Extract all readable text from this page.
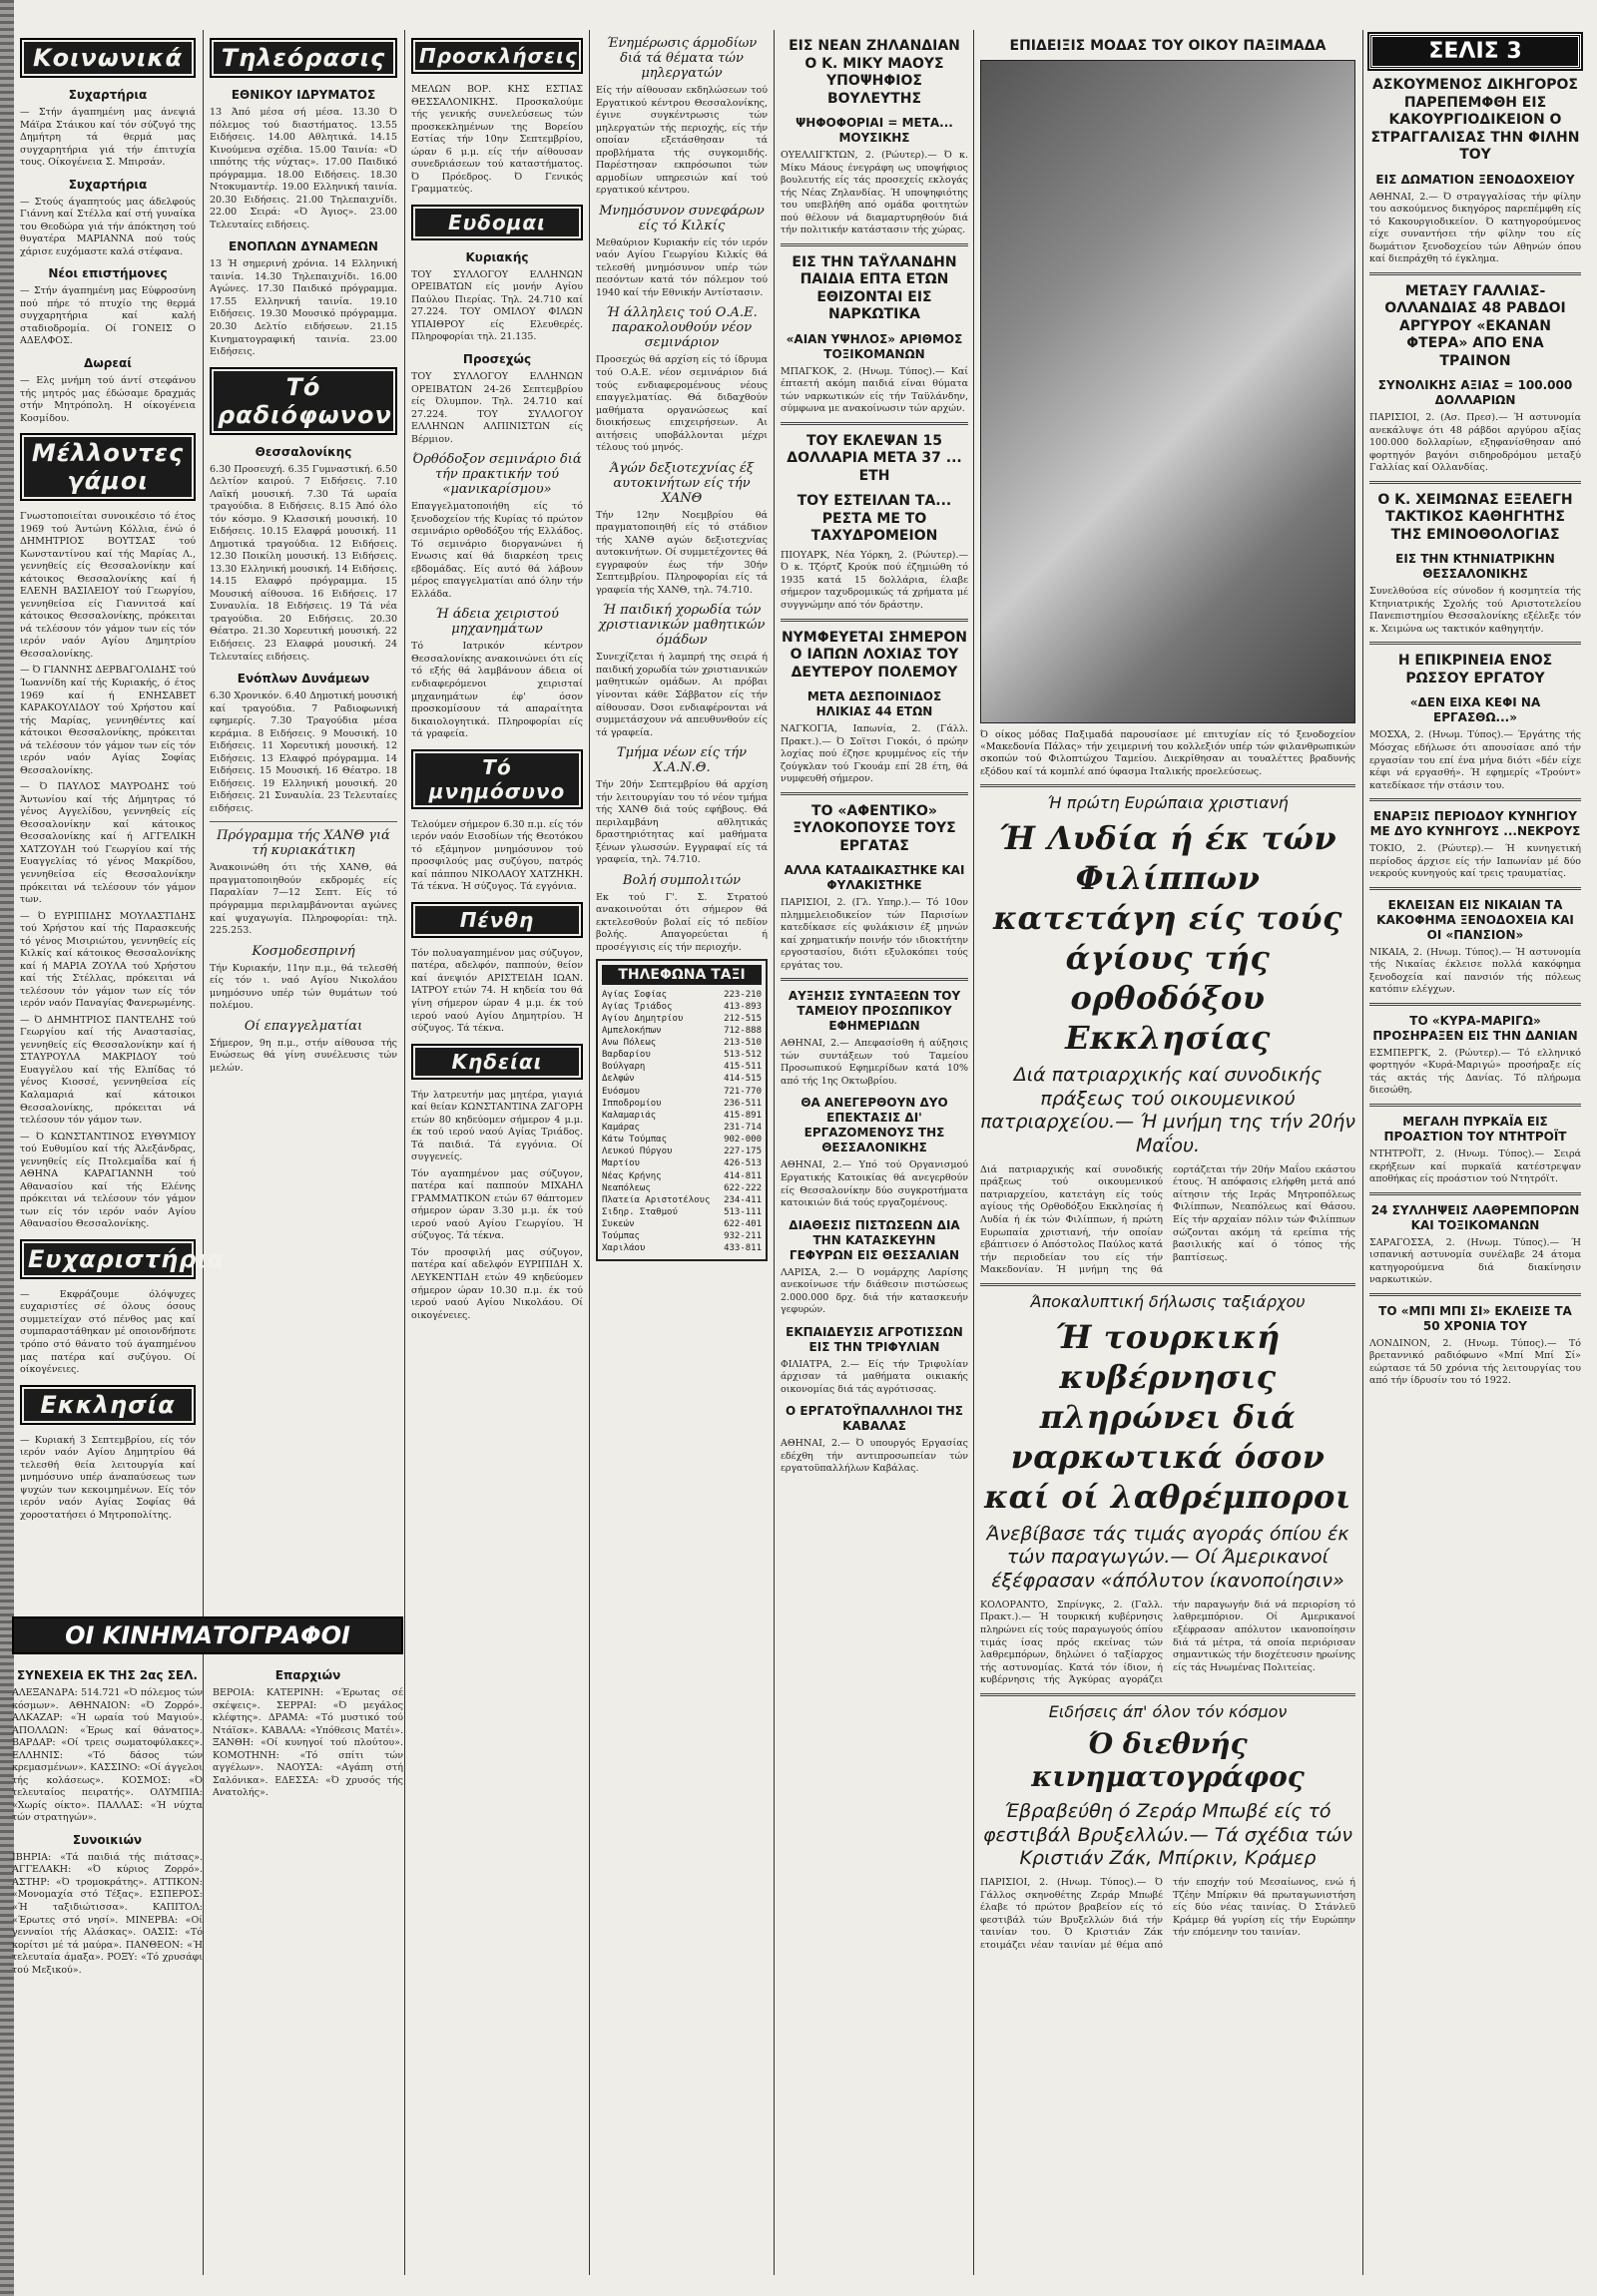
Κοινωνικά
Συχαρτήρια
— Στήν άγαπημένη μας άνεψιά Μάϊρα Στάικου καί τόν σύζυγό της Δημήτρη τά θερμά μας συγχαρητήρια γιά τήν έπιτυχία τους. Οίκογένεια Σ. Μπιρσάν.
Συχαρτήρια
— Στούς άγαπητούς μας άδελφούς Γιάννη καί Στέλλα καί στή γυναίκα του Θεοδώρα γιά τήν άπόκτηση τού θυγατέρα ΜΑΡΙΑΝΝΑ πού τούς χάρισε ευχόμαστε καλά στέφανα.
Νέοι επιστήμονες
— Στήν άγαπημένη μας Εύφροσύνη πού πήρε τό πτυχίο της θερμά συγχαρητήρια καί καλή σταδιοδρομία. Οί ΓΟΝΕΙΣ Ο ΑΔΕΛΦΟΣ.
Δωρεαί
— Ελς μνήμη τού άντί στεφάνου τής μητρός μας έδώσαμε δραχμάς στήν Μητρόπολη. Η οίκογένεια Κοσμίδου.
Μέλλοντες γάμοι
Γνωστοποιείται συνοικέσιο τό έτος 1969 τού Άντώνη Κόλλια, ένώ ό ΔΗΜΗΤΡΙΟΣ ΒΟΥΤΣΑΣ τού Κωνσταντίνου καί τής Μαρίας Λ., γεννηθείς είς Θεσσαλονίκην καί κάτοικος Θεσσαλονίκης καί ή ΕΛΕΝΗ ΒΑΣΙΛΕΙΟΥ τού Γεωργίου, γεννηθείσα είς Γιαννιτσά καί κάτοικος Θεσσαλονίκης, πρόκειται νά τελέσουν τόν γάμον των είς τόν ιερόν ναόν Αγίου Δημητρίου Θεσσαλονίκης.
— Ό ΓΙΑΝΝΗΣ ΔΕΡΒΑΓΟΛΙΔΗΣ τού Ίωαννίδη καί τής Κυριακής, ό έτος 1969 καί ή ΕΝΗΣΑΒΕΤ ΚΑΡΑΚΟΥΛΙΔΟΥ τού Χρήστου καί τής Μαρίας, γεννηθέντες καί κάτοικοι Θεσσαλονίκης, πρόκειται νά τελέσουν τόν γάμον των είς τόν ιερόν ναόν Αγίας Σοφίας Θεσσαλονίκης.
— Ό ΠΑΥΛΟΣ ΜΑΥΡΟΔΗΣ τού Άντωνίου καί τής Δήμητρας τό γένος Αγγελίδου, γεννηθείς είς Θεσσαλονίκην καί κάτοικος Θεσσαλονίκης καί ή ΑΓΓΕΛΙΚΗ ΧΑΤΖΟΥΔΗ τού Γεωργίου καί τής Ευαγγελίας τό γένος Μακρίδου, γεννηθείσα είς Θεσσαλονίκην πρόκειται νά τελέσουν τόν γάμον των.
— Ό ΕΥΡΙΠΙΔΗΣ ΜΟΥΛΑΣΤΙΔΗΣ τού Χρήστου καί τής Παρασκευής τό γένος Μισιριώτου, γεννηθείς είς Κιλκίς καί κάτοικος Θεσσαλονίκης καί ή ΜΑΡΙΑ ΖΟΥΛΑ τού Χρήστου καί τής Στέλλας, πρόκειται νά τελέσουν τόν γάμον των είς τόν ιερόν ναόν Παναγίας Φανερωμένης.
— Ό ΔΗΜΗΤΡΙΟΣ ΠΑΝΤΕΛΗΣ τού Γεωργίου καί τής Αναστασίας, γεννηθείς είς Θεσσαλονίκην καί ή ΣΤΑΥΡΟΥΛΑ ΜΑΚΡΙΔΟΥ τού Ευαγγέλου καί τής Ελπίδας τό γένος Κιοσσέ, γεννηθείσα είς Καλαμαριά καί κάτοικοι Θεσσαλονίκης, πρόκειται νά τελέσουν τόν γάμον των.
— Ό ΚΩΝΣΤΑΝΤΙΝΟΣ ΕΥΘΥΜΙΟΥ τού Ευθυμίου καί τής Άλεξάνδρας, γεννηθείς είς Πτολεμαΐδα καί ή ΑΘΗΝΑ ΚΑΡΑΓΙΑΝΝΗ τού Αθανασίου καί τής Ελένης πρόκειται νά τελέσουν τόν γάμον των είς τόν ιερόν ναόν Αγίου Αθανασίου Θεσσαλονίκης.
Ευχαριστήρια
— Εκφράζουμε όλόψυχες ευχαριστίες σέ όλους όσους συμμετείχαν στό πένθος μας καί συμπαραστάθηκαν μέ οποιονδήποτε τρόπο στό θάνατο τού άγαπημένου μας πατέρα καί συζύγου. Οί οίκογένειες.
Εκκλησία
— Κυριακή 3 Σεπτεμβρίου, είς τόν ιερόν ναόν Αγίου Δημητρίου θά τελεσθή θεία λειτουργία καί μνημόσυνο υπέρ άναπαύσεως των ψυχών των κεκοιμημένων. Είς τόν ιερόν ναόν Αγίας Σοφίας θά χοροστατήσει ό Μητροπολίτης.
Τηλεόρασις
ΕΘΝΙΚΟΥ ΙΔΡΥΜΑΤΟΣ
13 Άπό μέσα σή μέσα. 13.30 Ό πόλεμος τού διαστήματος. 13.55 Ειδήσεις. 14.00 Αθλητικά. 14.15 Κινούμενα σχέδια. 15.00 Ταινία: «Ό ιππότης τής νύχτας». 17.00 Παιδικό πρόγραμμα. 18.00 Ειδήσεις. 18.30 Ντοκυμαντέρ. 19.00 Ελληνική ταινία. 20.30 Ειδήσεις. 21.00 Τηλεπαιχνίδι. 22.00 Σειρά: «Ό Άγιος». 23.00 Τελευταίες ειδήσεις.
ΕΝΟΠΛΩΝ ΔΥΝΑΜΕΩΝ
13 Ή σημερινή χρόνια. 14 Ελληνική ταινία. 14.30 Τηλεπαιχνίδι. 16.00 Αγώνες. 17.30 Παιδικό πρόγραμμα. 17.55 Ελληνική ταινία. 19.10 Ειδήσεις. 19.30 Μουσικό πρόγραμμα. 20.30 Δελτίο ειδήσεων. 21.15 Κινηματογραφική ταινία. 23.00 Ειδήσεις.
Τό ραδιόφωνον
Θεσσαλονίκης
6.30 Προσευχή. 6.35 Γυμναστική. 6.50 Δελτίον καιρού. 7 Ειδήσεις. 7.10 Λαϊκή μουσική. 7.30 Τά ωραία τραγούδια. 8 Ειδήσεις. 8.15 Άπό όλο τόν κόσμο. 9 Κλασσική μουσική. 10 Ειδήσεις. 10.15 Ελαφρά μουσική. 11 Δημοτικά τραγούδια. 12 Ειδήσεις. 12.30 Ποικίλη μουσική. 13 Ειδήσεις. 13.30 Ελληνική μουσική. 14 Ειδήσεις. 14.15 Ελαφρό πρόγραμμα. 15 Μουσική αίθουσα. 16 Ειδήσεις. 17 Συναυλία. 18 Ειδήσεις. 19 Τά νέα τραγούδια. 20 Ειδήσεις. 20.30 Θέατρο. 21.30 Χορευτική μουσική. 22 Ειδήσεις. 23 Ελαφρά μουσική. 24 Τελευταίες ειδήσεις.
Ενόπλων Δυνάμεων
6.30 Χρονικόν. 6.40 Δημοτική μουσική καί τραγούδια. 7 Ραδιοφωνική εφημερίς. 7.30 Τραγούδια μέσα κεράμια. 8 Ειδήσεις. 9 Μουσική. 10 Ειδήσεις. 11 Χορευτική μουσική. 12 Ειδήσεις. 13 Ελαφρό πρόγραμμα. 14 Ειδήσεις. 15 Μουσική. 16 Θέατρο. 18 Ειδήσεις. 19 Ελληνική μουσική. 20 Ειδήσεις. 21 Συναυλία. 23 Τελευταίες ειδήσεις.
Πρόγραμμα τής ΧΑΝΘ γιά τή κυριακάτικη
Άνακοινώθη ότι τής ΧΑΝΘ, θά πραγματοποιηθούν εκδρομές είς Παραλίαν 7—12 Σεπτ. Είς τό πρόγραμμα περιλαμβάνονται αγώνες καί ψυχαγωγία. Πληροφορίαι: τηλ. 225.253.
Κοσμοδεσπρινή
Τήν Κυριακήν, 11ην π.μ., θά τελεσθή είς τόν ι. ναό Αγίου Νικολάου μνημόσυνο υπέρ τών θυμάτων τού πολέμου.
Οί επαγγελματίαι
Σήμερον, 9η π.μ., στήν αίθουσα τής Ενώσεως θά γίνη συνέλευσις τών μελών.
Προσκλήσεις
ΜΕΛΩΝ ΒΟΡ. ΚΗΣ ΕΣΤΙΑΣ ΘΕΣΣΑΛΟΝΙΚΗΣ. Προσκαλούμε τής γενικής συνελεύσεως τών προσκεκλημένων της Βορείου Εστίας τήν 10ην Σεπτεμβρίου, ώραν 6 μ.μ. είς τήν αίθουσαν συνεδριάσεων τού καταστήματος. Ό Πρόεδρος. Ό Γενικός Γραμματεύς.
Ευδομαι
Κυριακής
ΤΟΥ ΣΥΛΛΟΓΟΥ ΕΛΛΗΝΩΝ ΟΡΕΙΒΑΤΩΝ είς μονήν Αγίου Παύλου Πιερίας. Τηλ. 24.710 καί 27.224. ΤΟΥ ΟΜΙΛΟΥ ΦΙΛΩΝ ΥΠΑΙΘΡΟΥ είς Ελευθερές. Πληροφορίαι τηλ. 21.135.
Προσεχώς
ΤΟΥ ΣΥΛΛΟΓΟΥ ΕΛΛΗΝΩΝ ΟΡΕΙΒΑΤΩΝ 24-26 Σεπτεμβρίου είς Όλυμπον. Τηλ. 24.710 καί 27.224. ΤΟΥ ΣΥΛΛΟΓΟΥ ΕΛΛΗΝΩΝ ΑΛΠΙΝΙΣΤΩΝ είς Βέρμιον.
Όρθόδοξον σεμινάριο διά τήν πρακτικήν τού «μανικαρίσμου»
Επαγγελματοποιήθη είς τό ξενοδοχείον τής Κυρίας τό πρώτον σεμινάριο ορθοδόξου τής Ελλάδος. Τό σεμινάριο διοργανώνει ή Ενωσις καί θά διαρκέση τρεις εβδομάδας. Είς αυτό θά λάβουν μέρος επαγγελματίαι από όλην τήν Ελλάδα.
Ή άδεια χειριστού μηχανημάτων
Τό Ιατρικόν κέντρον Θεσσαλονίκης ανακοινώνει ότι είς τό εξής θά λαμβάνουν άδεια οί ενδιαφερόμενοι χειρισταί μηχανημάτων έφ' όσον προσκομίσουν τά απαραίτητα δικαιολογητικά. Πληροφορίαι είς τά γραφεία.
Τό μνημόσυνο
Τελούμεν σήμερον 6.30 π.μ. είς τόν ιερόν ναόν Εισοδίων τής Θεοτόκου τό εξάμηνον μνημόσυνον τού προσφιλούς μας συζύγου, πατρός καί πάππου ΝΙΚΟΛΑΟΥ ΧΑΤΖΗΚΗ. Τά τέκνα. Ή σύζυγος. Τά εγγόνια.
Πένθη
Τόν πολυαγαπημένον μας σύζυγον, πατέρα, αδελφόν, παππούν, θείον καί άνεψιόν ΑΡΙΣΤΕΙΔΗ ΙΩΑΝ. ΙΑΤΡΟΥ ετών 74. Η κηδεία του θά γίνη σήμερον ώραν 4 μ.μ. έκ τού ιερού ναού Αγίου Δημητρίου. Ή σύζυγος. Τά τέκνα.
Κηδείαι
Τήν λατρευτήν μας μητέρα, γιαγιά καί θείαν ΚΩΝΣΤΑΝΤΙΝΑ ΖΑΓΟΡΗ ετών 80 κηδεύομεν σήμερον 4 μ.μ. έκ τού ιερού ναού Αγίας Τριάδος. Τά παιδιά. Τά εγγόνια. Οί συγγενείς.
Τόν αγαπημένον μας σύζυγον, πατέρα καί παππούν ΜΙΧΑΗΛ ΓΡΑΜΜΑΤΙΚΟΝ ετών 67 θάπτομεν σήμερον ώραν 3.30 μ.μ. έκ τού ιερού ναού Αγίου Γεωργίου. Ή σύζυγος. Τά τέκνα.
Τόν προσφιλή μας σύζυγον, πατέρα καί αδελφόν ΕΥΡΙΠΙΔΗ Χ. ΛΕΥΚΕΝΤΙΔΗ ετών 49 κηδεύομεν σήμερον ώραν 10.30 π.μ. έκ τού ιερού ναού Αγίου Νικολάου. Οί οικογένειες.
Ένημέρωσις άρμοδίων διά τά θέματα τών μηλεργατών
Είς τήν αίθουσαν εκδηλώσεων τού Εργατικού κέντρου Θεσσαλονίκης, έγινε συγκέντρωσις τών μηλεργατών τής περιοχής, είς τήν οποίαν εξετάσθησαν τά προβλήματα τής συγκομιδής. Παρέστησαν εκπρόσωποι τών αρμοδίων υπηρεσιών καί τού εργατικού κέντρου.
Μνημόσυνον συνεφάρων είς τό Κιλκίς
Μεθαύριον Κυριακήν είς τόν ιερόν ναόν Αγίου Γεωργίου Κιλκίς θά τελεσθή μνημόσυνον υπέρ τών πεσόντων κατά τόν πόλεμον τού 1940 καί τήν Εθνικήν Αντίστασιν.
Ή άλληλεις τού Ο.Α.Ε. παρακολουθούν νέον σεμινάριον
Προσεχώς θά αρχίση είς τό ίδρυμα τού Ο.Α.Ε. νέον σεμινάριον διά τούς ενδιαφερομένους νέους επαγγελματίας. Θά διδαχθούν μαθήματα οργανώσεως καί διοικήσεως επιχειρήσεων. Αι αιτήσεις υποβάλλονται μέχρι τέλους τού μηνός.
Άγών δεξιοτεχνίας έξ αυτοκινήτων είς τήν ΧΑΝΘ
Τήν 12ην Νοεμβρίου θά πραγματοποιηθή είς τό στάδιον τής ΧΑΝΘ αγών δεξιοτεχνίας αυτοκινήτων. Οί συμμετέχοντες θά εγγραφούν έως τήν 30ήν Σεπτεμβρίου. Πληροφορίαι είς τά γραφεία τής ΧΑΝΘ, τηλ. 74.710.
Ή παιδική χορωδία τών χριστιανικών μαθητικών όμάδων
Συνεχίζεται ή λαμπρή της σειρά ή παιδική χορωδία τών χριστιανικών μαθητικών ομάδων. Αι πρόβαι γίνονται κάθε Σάββατον είς τήν αίθουσαν. Όσοι ενδιαφέρονται νά συμμετάσχουν νά απευθυνθούν είς τά γραφεία.
Τμήμα νέων είς τήν Χ.Α.Ν.Θ.
Τήν 20ήν Σεπτεμβρίου θά αρχίση τήν λειτουργίαν του τό νέον τμήμα τής ΧΑΝΘ διά τούς εφήβους. Θά περιλαμβάνη αθλητικάς δραστηριότητας καί μαθήματα ξένων γλωσσών. Εγγραφαί είς τά γραφεία, τηλ. 74.710.
Βολή συμπολιτών
Εκ τού Γ'. Σ. Στρατού ανακοινούται ότι σήμερον θά εκτελεσθούν βολαί είς τό πεδίον βολής. Απαγορεύεται ή προσέγγισις είς τήν περιοχήν.
ΤΗΛΕΦΩΝΑ ΤΑΞΙ
Αγίας Σοφίας	223-210
Αγίας Τριάδος	413-893
Αγίου Δημητρίου	212-515
Αμπελοκήπων	712-888
Ανω Πόλεως	213-510
Βαρδαρίου	513-512
Βούλγαρη	415-511
Δελφών	414-515
Ευόσμου	721-770
Ιπποδρομίου	236-511
Καλαμαριάς	415-891
Καμάρας	231-714
Κάτω Τούμπας	902-000
Λευκού Πύργου	227-175
Μαρτίου	426-513
Νέας Κρήνης	414-811
Νεαπόλεως	622-222
Πλατεία Αριστοτέλους 234-411
Σιδηρ. Σταθμού	513-111
Συκεών	622-401
Τούμπας	932-211
Χαριλάου	433-811
ΕΙΣ ΝΕΑΝ ΖΗΛΑΝΔΙΑΝ Ο Κ. ΜΙΚΥ ΜΑΟΥΣ ΥΠΟΨΗΦΙΟΣ ΒΟΥΛΕΥΤΗΣ
ΨΗΦΟΦΟΡΙΑΙ = ΜΕΤΑ... ΜΟΥΣΙΚΗΣ
ΟΥΕΛΛΙΓΚΤΩΝ, 2. (Ρώυτερ).— Ό κ. Μίκυ Μάους ένεγράφη ως υποψήφιος βουλευτής είς τάς προσεχείς εκλογάς τής Νέας Ζηλανδίας. Ή υποψηφιότης του υπεβλήθη από ομάδα φοιτητών πού θέλουν νά διαμαρτυρηθούν διά τήν πολιτικήν κατάστασιν τής χώρας.
ΕΙΣ ΤΗΝ ΤΑΫΛΑΝΔΗΝ ΠΑΙΔΙΑ ΕΠΤΑ ΕΤΩΝ ΕΘΙΖΟΝΤΑΙ ΕΙΣ ΝΑΡΚΩΤΙΚΑ
«ΑΙΑΝ ΥΨΗΛΟΣ» ΑΡΙΘΜΟΣ ΤΟΞΙΚΟΜΑΝΩΝ
ΜΠΑΓΚΟΚ, 2. (Ηνωμ. Τύπος).— Καί έπταετή ακόμη παιδιά είναι θύματα τών ναρκωτικών είς τήν Ταϋλάνδην, σύμφωνα με ανακοίνωσιν τών αρχών.
ΤΟΥ ΕΚΛΕΨΑΝ 15 ΔΟΛΛΑΡΙΑ ΜΕΤΑ 37 ... ΕΤΗ
ΤΟΥ ΕΣΤΕΙΛΑΝ ΤΑ... ΡΕΣΤΑ ΜΕ ΤΟ ΤΑΧΥΔΡΟΜΕΙΟΝ
ΠΙΟΥΑΡΚ, Νέα Υόρκη, 2. (Ρώυτερ).— Ό κ. Τζόρτζ Κρούκ πού έζημιώθη τό 1935 κατά 15 δολλάρια, έλαβε σήμερον ταχυδρομικώς τά χρήματα μέ συγγνώμην από τόν δράστην.
ΝΥΜΦΕΥΕΤΑΙ ΣΗΜΕΡΟΝ Ο ΙΑΠΩΝ ΛΟΧΙΑΣ ΤΟΥ ΔΕΥΤΕΡΟΥ ΠΟΛΕΜΟΥ
ΜΕΤΑ ΔΕΣΠΟΙΝΙΔΟΣ ΗΛΙΚΙΑΣ 44 ΕΤΩΝ
ΝΑΓΚΟΓΙΑ, Ιαπωνία, 2. (Γάλλ. Πρακτ.).— Ό Σοϊτσι Γιοκόι, ό πρώην λοχίας πού έζησε κρυμμένος είς τήν ζούγκλαν τού Γκουάμ επί 28 έτη, θά νυμφευθή σήμερον.
ΤΟ «ΑΦΕΝΤΙΚΟ» ΞΥΛΟΚΟΠΟΥΣΕ ΤΟΥΣ ΕΡΓΑΤΑΣ
ΑΛΛΑ ΚΑΤΑΔΙΚΑΣΤΗΚΕ ΚΑΙ ΦΥΛΑΚΙΣΤΗΚΕ
ΠΑΡΙΣΙΟΙ, 2. (Γλ. Υπηρ.).— Τό 10ον πλημμελειοδικείον τών Παρισίων κατεδίκασε είς φυλάκισιν έξ μηνών καί χρηματικήν ποινήν τόν ιδιοκτήτην εργοστασίου, διότι εξυλοκόπει τούς εργάτας του.
ΑΥΞΗΣΙΣ ΣΥΝΤΑΞΕΩΝ ΤΟΥ ΤΑΜΕΙΟΥ ΠΡΟΣΩΠΙΚΟΥ ΕΦΗΜΕΡΙΔΩΝ
ΑΘΗΝΑΙ, 2.— Απεφασίσθη ή αύξησις τών συντάξεων τού Ταμείου Προσωπικού Εφημερίδων κατά 10% από τής 1ης Οκτωβρίου.
ΘΑ ΑΝΕΓΕΡΘΟΥΝ ΔΥΟ ΕΠΕΚΤΑΣΙΣ ΔΙ' ΕΡΓΑΖΟΜΕΝΟΥΣ ΤΗΣ ΘΕΣΣΑΛΟΝΙΚΗΣ
ΑΘΗΝΑΙ, 2.— Υπό τού Οργανισμού Εργατικής Κατοικίας θά ανεγερθούν είς Θεσσαλονίκην δύο συγκροτήματα κατοικιών διά τούς εργαζομένους.
ΔΙΑΘΕΣΙΣ ΠΙΣΤΩΣΕΩΝ ΔΙΑ ΤΗΝ ΚΑΤΑΣΚΕΥΗΝ ΓΕΦΥΡΩΝ ΕΙΣ ΘΕΣΣΑΛΙΑΝ
ΛΑΡΙΣΑ, 2.— Ό νομάρχης Λαρίσης ανεκοίνωσε τήν διάθεσιν πιστώσεως 2.000.000 δρχ. διά τήν κατασκευήν γεφυρών.
ΕΚΠΑΙΔΕΥΣΙΣ ΑΓΡΟΤΙΣΣΩΝ ΕΙΣ ΤΗΝ ΤΡΙΦΥΛΙΑΝ
ΦΙΛΙΑΤΡΑ, 2.— Είς τήν Τριφυλίαν άρχισαν τά μαθήματα οικιακής οικονομίας διά τάς αγρότισσας.
Ο ΕΡΓΑΤΟΫΠΑΛΛΗΛΟΙ ΤΗΣ ΚΑΒΑΛΑΣ
ΑΘΗΝΑΙ, 2.— Ό υπουργός Εργασίας εδέχθη τήν αντιπροσωπείαν τών εργατοϋπαλλήλων Καβάλας.
ΕΠΙΔΕΙΞΙΣ ΜΟΔΑΣ ΤΟΥ ΟΙΚΟΥ ΠΑΞΙΜΑΔΑ
Ό οίκος μόδας Παξιμαδά παρουσίασε μέ επιτυχίαν είς τό ξενοδοχείον «Μακεδονία Πάλας» τήν χειμερινή του κολλεξιόν υπέρ τών φιλανθρωπικών σκοπών τού Φιλοπτώχου Ταμείου. Διεκρίθησαν αι τουαλέττες βραδυνής εξόδου καί τά κομπλέ από ύφασμα Ιταλικής προελεύσεως.
Ή πρώτη Ευρώπαια χριστιανή
Ή Λυδία ή έκ τών Φιλίππων κατετάγη είς τούς άγίους τής ορθοδόξου Εκκλησίας
Διά πατριαρχικής καί συνοδικής πράξεως τού οικουμενικού πατριαρχείου.— Ή μνήμη της τήν 20ήν Μαΐου.
Διά πατριαρχικής καί συνοδικής πράξεως τού οικουμενικού πατριαρχείου, κατετάγη είς τούς αγίους τής Ορθοδόξου Εκκλησίας ή Λυδία ή έκ τών Φιλίππων, ή πρώτη Ευρωπαία χριστιανή, τήν οποίαν εβάπτισεν ό Απόστολος Παύλος κατά τήν περιοδείαν του είς τήν Μακεδονίαν. Ή μνήμη της θά εορτάζεται τήν 20ήν Μαΐου εκάστου έτους. Ή απόφασις ελήφθη μετά από αίτησιν τής Ιεράς Μητροπόλεως Φιλίππων, Νεαπόλεως καί Θάσου. Είς τήν αρχαίαν πόλιν τών Φιλίππων σώζονται ακόμη τά ερείπια τής βασιλικής καί ό τόπος τής βαπτίσεως.
Άποκαλυπτική δήλωσις ταξιάρχου
Ή τουρκική κυβέρνησις πληρώνει διά ναρκωτικά όσον καί οί λαθρέμποροι
Άνεβίβασε τάς τιμάς αγοράς όπίου έκ τών παραγωγών.— Οί Άμερικανοί έξέφρασαν «άπόλυτον ίκανοποίησιν»
ΚΟΛΟΡΑΝΤΟ, Σπρίνγκς, 2. (Γαλλ. Πρακτ.).— Ή τουρκική κυβέρνησις πληρώνει είς τούς παραγωγούς όπίου τιμάς ίσας πρός εκείνας τών λαθρεμπόρων, δηλώνει ό ταξίαρχος τής αστυνομίας. Κατά τόν ίδιον, ή κυβέρνησις τής Άγκύρας αγοράζει τήν παραγωγήν διά νά περιορίση τό λαθρεμπόριον. Οί Αμερικανοί εξέφρασαν απόλυτον ικανοποίησιν διά τά μέτρα, τά οποία περιόρισαν σημαντικώς τήν διοχέτευσιν ηρωίνης είς τάς Ηνωμένας Πολιτείας.
Ειδήσεις άπ' όλον τόν κόσμον
Ό διεθνής κινηματογράφος
Έβραβεύθη ό Ζεράρ Μπωβέ είς τό φεστιβάλ Βρυξελλών.— Τά σχέδια τών Κριστιάν Ζάκ, Μπίρκιν, Κράμερ
ΠΑΡΙΣΙΟΙ, 2. (Ηνωμ. Τύπος).— Ό Γάλλος σκηνοθέτης Ζεράρ Μπωβέ έλαβε τό πρώτον βραβείον είς τό φεστιβάλ τών Βρυξελλών διά τήν ταινίαν του. Ό Κριστιάν Ζάκ ετοιμάζει νέαν ταινίαν μέ θέμα από τήν εποχήν τού Μεσαίωνος, ενώ ή Τζέην Μπίρκιν θά πρωταγωνιστήση είς δύο νέας ταινίας. Ό Στάνλεϋ Κράμερ θά γυρίση είς τήν Ευρώπην τήν επόμενην του ταινίαν.
ΣΕΛΙΣ 3
ΑΣΚΟΥΜΕΝΟΣ ΔΙΚΗΓΟΡΟΣ ΠΑΡΕΠΕΜΦΘΗ ΕΙΣ ΚΑΚΟΥΡΓΙΟΔΙΚΕΙΟΝ Ο ΣΤΡΑΓΓΑΛΙΣΑΣ ΤΗΝ ΦΙΛΗΝ ΤΟΥ
ΕΙΣ ΔΩΜΑΤΙΟΝ ΞΕΝΟΔΟΧΕΙΟΥ
ΑΘΗΝΑΙ, 2.— Ό στραγγαλίσας τήν φίλην του ασκούμενος δικηγόρος παρεπέμφθη είς τό Κακουργιοδικείον. Ό κατηγορούμενος είχε συναντήσει τήν φίλην του είς δωμάτιον ξενοδοχείου τών Αθηνών όπου καί διεπράχθη τό έγκλημα.
ΜΕΤΑΞΥ ΓΑΛΛΙΑΣ-ΟΛΛΑΝΔΙΑΣ 48 ΡΑΒΔΟΙ ΑΡΓΥΡΟΥ «ΕΚΑΝΑΝ ΦΤΕΡΑ» ΑΠΟ ΕΝΑ ΤΡΑΙΝΟΝ
ΣΥΝΟΛΙΚΗΣ ΑΞΙΑΣ = 100.000 ΔΟΛΛΑΡΙΩΝ
ΠΑΡΙΣΙΟΙ, 2. (Ασ. Πρεσ).— Ή αστυνομία ανεκάλυψε ότι 48 ράβδοι αργύρου αξίας 100.000 δολλαρίων, εξηφανίσθησαν από φορτηγόν βαγόνι σιδηροδρόμου μεταξύ Γαλλίας καί Ολλανδίας.
Ο Κ. ΧΕΙΜΩΝΑΣ ΕΞΕΛΕΓΗ ΤΑΚΤΙΚΟΣ ΚΑΘΗΓΗΤΗΣ ΤΗΣ ΕΜΙΝΟΘΟΛΟΓΙΑΣ
ΕΙΣ ΤΗΝ ΚΤΗΝΙΑΤΡΙΚΗΝ ΘΕΣΣΑΛΟΝΙΚΗΣ
Συνελθούσα είς σύνοδον ή κοσμητεία τής Κτηνιατρικής Σχολής τού Αριστοτελείου Πανεπιστημίου Θεσσαλονίκης εξέλεξε τόν κ. Χειμώνα ως τακτικόν καθηγητήν.
Η ΕΠΙΚΡΙΝΕΙΑ ΕΝΟΣ ΡΩΣΣΟΥ ΕΡΓΑΤΟΥ
«ΔΕΝ ΕΙΧΑ ΚΕΦΙ ΝΑ ΕΡΓΑΣΘΩ...»
ΜΟΣΧΑ, 2. (Ηνωμ. Τύπος).— Έργάτης τής Μόσχας εδήλωσε ότι απουσίασε από τήν εργασίαν του επί ένα μήνα διότι «δέν είχε κέφι νά εργασθή». Ή εφημερίς «Τρούντ» κατεδίκασε τήν στάσιν του.
ΕΝΑΡΞΙΣ ΠΕΡΙΟΔΟΥ ΚΥΝΗΓΙΟΥ ΜΕ ΔΥΟ ΚΥΝΗΓΟΥΣ ...ΝΕΚΡΟΥΣ
ΤΟΚΙΟ, 2. (Ρώυτερ).— Ή κυνηγετική περίοδος άρχισε είς τήν Ιαπωνίαν μέ δύο νεκρούς κυνηγούς καί τρεις τραυματίας.
ΕΚΛΕΙΣΑΝ ΕΙΣ ΝΙΚΑΙΑΝ ΤΑ ΚΑΚΟΦΗΜΑ ΞΕΝΟΔΟΧΕΙΑ ΚΑΙ ΟΙ «ΠΑΝΣΙΟΝ»
ΝΙΚΑΙΑ, 2. (Ηνωμ. Τύπος).— Ή αστυνομία τής Νικαίας έκλεισε πολλά κακόφημα ξενοδοχεία καί πανσιόν τής πόλεως κατόπιν ελέγχων.
ΤΟ «ΚΥΡΑ-ΜΑΡΙΓΩ» ΠΡΟΣΗΡΑΞΕΝ ΕΙΣ ΤΗΝ ΔΑΝΙΑΝ
ΕΣΜΠΕΡΓΚ, 2. (Ρώυτερ).— Τό ελληνικό φορτηγόν «Κυρά-Μαριγώ» προσήραξε είς τάς ακτάς τής Δανίας. Τό πλήρωμα διεσώθη.
ΜΕΓΑΛΗ ΠΥΡΚΑΪΑ ΕΙΣ ΠΡΟΑΣΤΙΟΝ ΤΟΥ ΝΤΗΤΡΟΪΤ
ΝΤΗΤΡΟΪΤ, 2. (Ηνωμ. Τύπος).— Σειρά εκρήξεων καί πυρκαϊά κατέστρεψαν αποθήκας είς προάστιον τού Ντητρόϊτ.
24 ΣΥΛΛΗΨΕΙΣ ΛΑΘΡΕΜΠΟΡΩΝ ΚΑΙ ΤΟΞΙΚΟΜΑΝΩΝ
ΣΑΡΑΓΟΣΣΑ, 2. (Ηνωμ. Τύπος).— Ή ισπανική αστυνομία συνέλαβε 24 άτομα κατηγορούμενα διά διακίνησιν ναρκωτικών.
ΤΟ «ΜΠΙ ΜΠΙ ΣΙ» ΕΚΛΕΙΣΕ ΤΑ 50 ΧΡΟΝΙΑ ΤΟΥ
ΛΟΝΔΙΝΟΝ, 2. (Ηνωμ. Τύπος).— Τό βρεταννικό ραδιόφωνο «Μπί Μπί Σί» εώρτασε τά 50 χρόνια τής λειτουργίας του από τήν ίδρυσίν του τό 1922.
ΟΙ ΚΙΝΗΜΑΤΟΓΡΑΦΟΙ
ΣΥΝΕΧΕΙΑ ΕΚ ΤΗΣ 2ας ΣΕΛ.
ΑΛΕΞΑΝΔΡΑ: 514.721 «Ό πόλεμος τών κόσμων». ΑΘΗΝΑΙΟΝ: «Ό Ζορρό». ΑΛΚΑΖΑΡ: «Ή ωραία τού Μαγιού». ΑΠΟΛΛΩΝ: «Έρως καί θάνατος». ΒΑΡΔΑΡ: «Οί τρεις σωματοφύλακες». ΕΛΛΗΝΙΣ: «Τό δάσος τών κρεμασμένων». ΚΑΣΣΙΝΟ: «Οί άγγελοι τής κολάσεως». ΚΟΣΜΟΣ: «Ό τελευταίος πειρατής». ΟΛΥΜΠΙΑ: «Χωρίς οίκτο». ΠΑΛΛΑΣ: «Ή νύχτα τών στρατηγών».
Συνοικιών
ΙΒΗΡΙΑ: «Τά παιδιά τής πιάτσας». ΑΓΓΕΛΑΚΗ: «Ό κύριος Ζορρό». ΑΣΤΗΡ: «Ό τρομοκράτης». ΑΤΤΙΚΟΝ: «Μονομαχία στό Τέξας». ΕΣΠΕΡΟΣ: «Ή ταξιδιώτισσα». ΚΑΠΙΤΟΛ: «Έρωτες στό νησί». ΜΙΝΕΡΒΑ: «Οί γενναίοι τής Αλάσκας». ΟΑΣΙΣ: «Τό κορίτσι μέ τά μαύρα». ΠΑΝΘΕΟΝ: «Ή τελευταία άμαξα». ΡΟΞΥ: «Τό χρυσάφι τού Μεξικού».
Επαρχιών
ΒΕΡΟΙΑ: ΚΑΤΕΡΙΝΗ: «Έρωτας σέ σκέψεις». ΣΕΡΡΑΙ: «Ό μεγάλος κλέφτης». ΔΡΑΜΑ: «Τό μυστικό τού Ντάϊσκ». ΚΑΒΑΛΑ: «Υπόθεσις Ματέι». ΞΑΝΘΗ: «Οί κυνηγοί τού πλούτου». ΚΟΜΟΤΗΝΗ: «Τό σπίτι τών αγγέλων». ΝΑΟΥΣΑ: «Αγάπη στή Σαλόνικα». ΕΔΕΣΣΑ: «Ό χρυσός τής Ανατολής».
